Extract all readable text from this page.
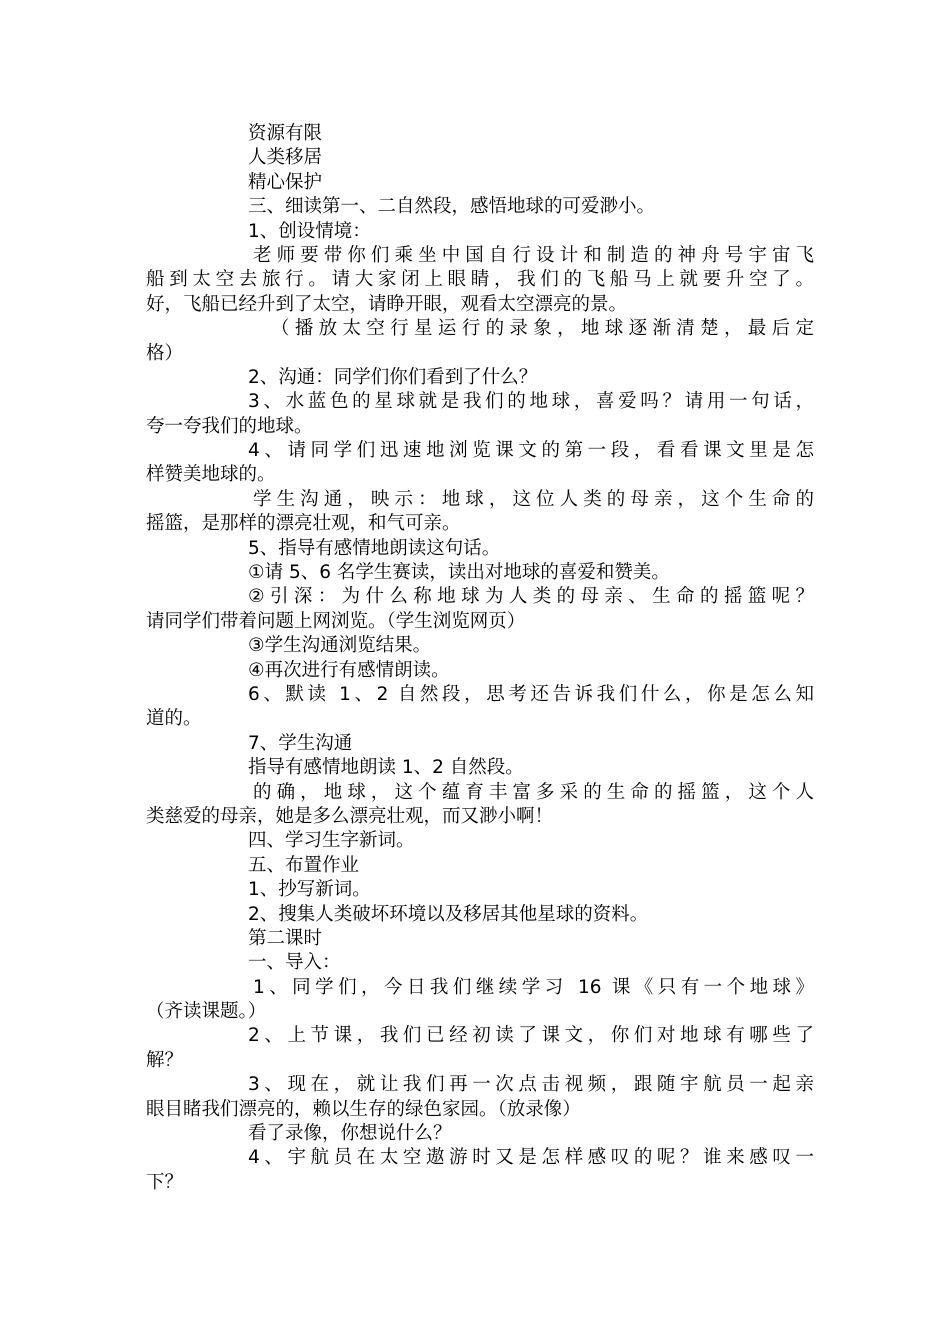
资源有限
人类移居
精心保护
三、细读第一、二自然段，感悟地球的可爱渺小。
1、创设情境：
老师要带你们乘坐中国自行设计和制造的神舟号宇宙飞
船到太空去旅行。请大家闭上眼睛，我们的飞船马上就要升空了。
好，飞船已经升到了太空，请睁开眼，观看太空漂亮的景。
（播放太空行星运行的录象，地球逐渐清楚，最后定
格）
2、沟通：同学们你们看到了什么？
3、水蓝色的星球就是我们的地球，喜爱吗？请用一句话，
夸一夸我们的地球。
4、请同学们迅速地浏览课文的第一段，看看课文里是怎
样赞美地球的。
学生沟通，映示：地球，这位人类的母亲，这个生命的
摇篮，是那样的漂亮壮观，和气可亲。
5、指导有感情地朗读这句话。
①请 5、6 名学生赛读，读出对地球的喜爱和赞美。
②引深：为什么称地球为人类的母亲、生命的摇篮呢？
请同学们带着问题上网浏览。（学生浏览网页）
③学生沟通浏览结果。
④再次进行有感情朗读。
6、默读 1、2 自然段，思考还告诉我们什么，你是怎么知
道的。
7、学生沟通
指导有感情地朗读 1、2 自然段。
的确，地球，这个蕴育丰富多采的生命的摇篮，这个人
类慈爱的母亲，她是多么漂亮壮观，而又渺小啊！
四、学习生字新词。
五、布置作业
1、抄写新词。
2、搜集人类破坏环境以及移居其他星球的资料。
第二课时
一、导入：
1、同学们，今日我们继续学习 16 课《只有一个地球》
（齐读课题。）
2、上节课，我们已经初读了课文，你们对地球有哪些了
解？
3、现在，就让我们再一次点击视频，跟随宇航员一起亲
眼目睹我们漂亮的，赖以生存的绿色家园。（放录像）
看了录像，你想说什么？
4、宇航员在太空遨游时又是怎样感叹的呢？谁来感叹一
下？
